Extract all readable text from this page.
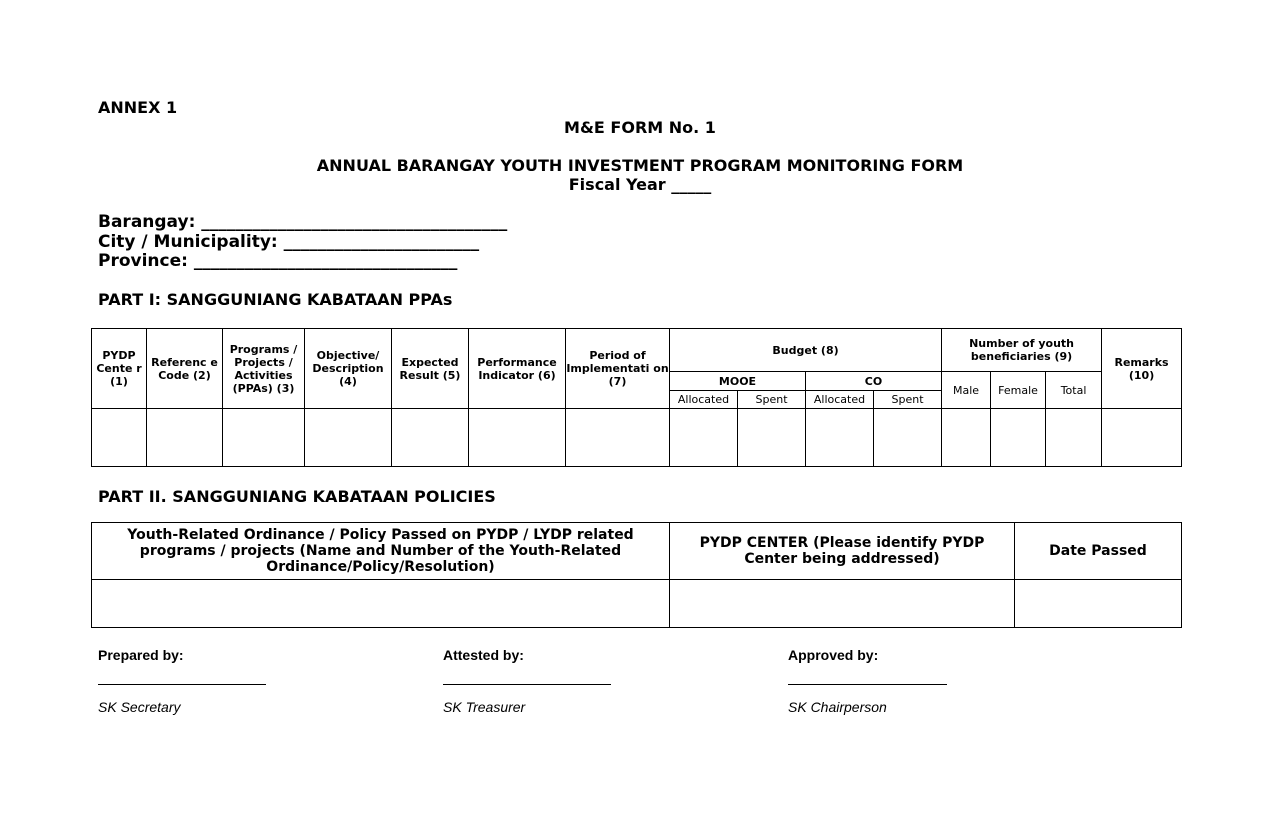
ANNEX 1
M&E FORM No. 1
ANNUAL BARANGAY YOUTH INVESTMENT PROGRAM MONITORING FORM
Fiscal Year _____
Barangay: ____________________________________
City / Municipality: _______________________
Province: _______________________________
PART I: SANGGUNIANG KABATAAN PPAs
PYDP Cente r (1)	Referenc e Code (2)	Programs / Projects / Activities (PPAs) (3)	Objective/ Description (4)	Expected Result (5)	Performance Indicator (6)	Period of Implementati on (7)	Budget (8)				Number of youth beneficiaries (9)			Remarks (10)
							MOOE		CO		Male	Female	Total	
							Allocated	Spent	Allocated	Spent				

PART II. SANGGUNIANG KABATAAN POLICIES
Youth-Related Ordinance / Policy Passed on PYDP / LYDP related programs / projects (Name and Number of the Youth-Related Ordinance/Policy/Resolution)	PYDP CENTER (Please identify PYDP Center being addressed)	Date Passed

Prepared by:	Attested by:	Approved by:
SK Secretary	SK Treasurer	SK Chairperson
